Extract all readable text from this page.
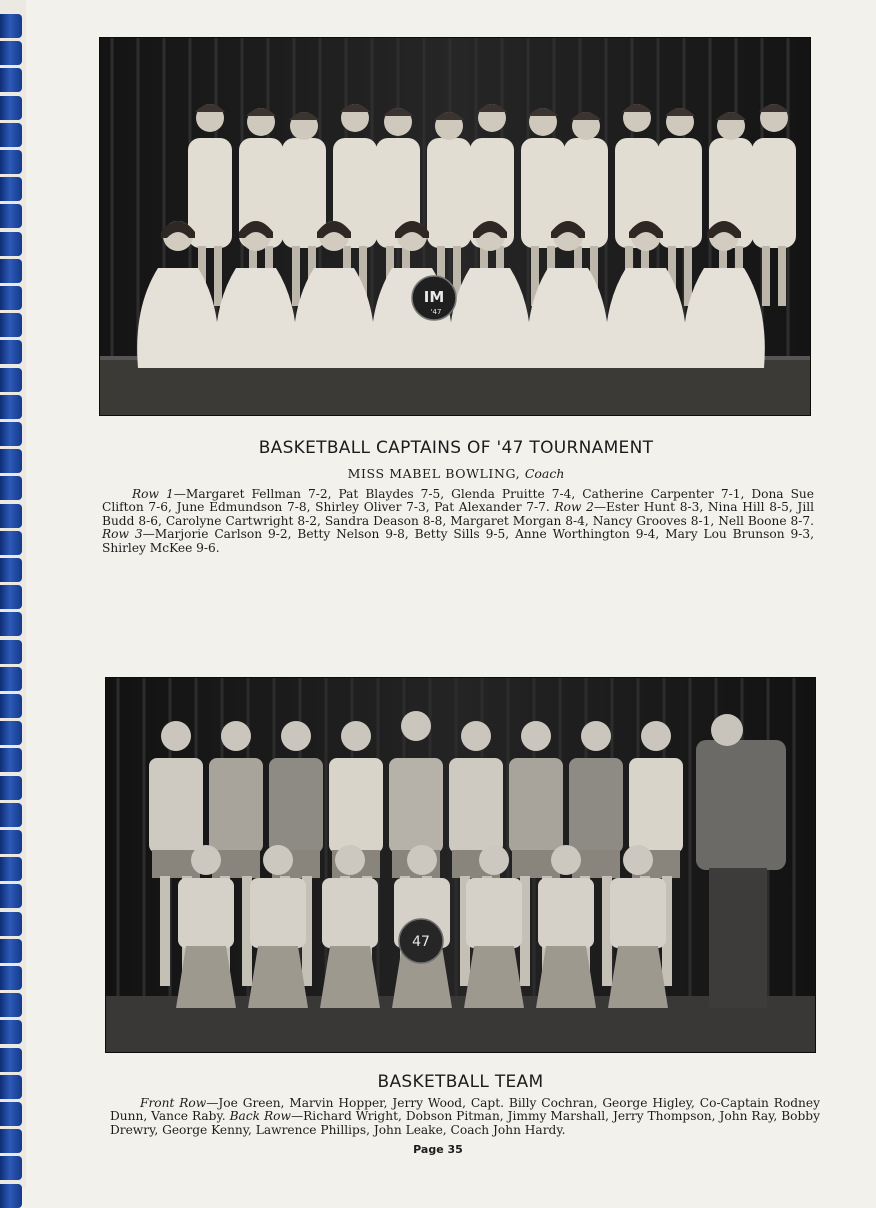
IM
'47
BASKETBALL CAPTAINS OF '47 TOURNAMENT
MISS MABEL BOWLING, Coach
Row 1—Margaret Fellman 7-2, Pat Blaydes 7-5, Glenda Pruitte 7-4, Catherine Carpenter 7-1, Dona Sue Clifton 7-6, June Edmundson 7-8, Shirley Oliver 7-3, Pat Alexander 7-7. Row 2—Ester Hunt 8-3, Nina Hill 8-5, Jill Budd 8-6, Carolyne Cartwright 8-2, Sandra Deason 8-8, Margaret Morgan 8-4, Nancy Grooves 8-1, Nell Boone 8-7. Row 3—Marjorie Carlson 9-2, Betty Nelson 9-8, Betty Sills 9-5, Anne Worthington 9-4, Mary Lou Brunson 9-3, Shirley McKee 9-6.
47
BASKETBALL TEAM
Front Row—Joe Green, Marvin Hopper, Jerry Wood, Capt. Billy Cochran, George Higley, Co-Captain Rodney Dunn, Vance Raby. Back Row—Richard Wright, Dobson Pitman, Jimmy Marshall, Jerry Thompson, John Ray, Bobby Drewry, George Kenny, Lawrence Phillips, John Leake, Coach John Hardy.
Page 35
